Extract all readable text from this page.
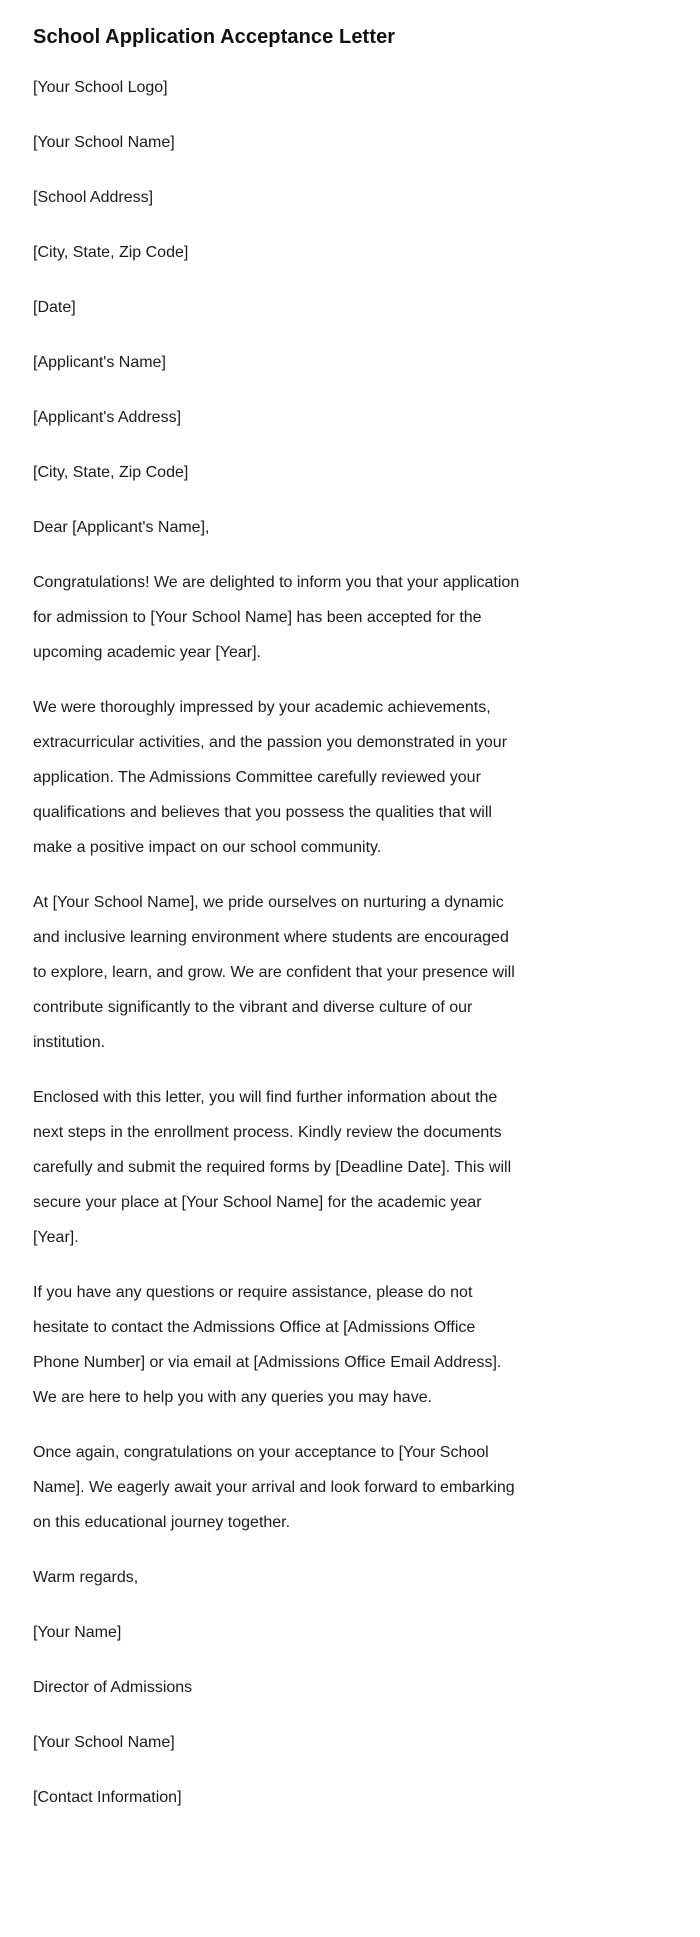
School Application Acceptance Letter

[Your School Logo]

[Your School Name]

[School Address]

[City, State, Zip Code]

[Date]

[Applicant's Name]

[Applicant's Address]

[City, State, Zip Code]

Dear [Applicant's Name],

Congratulations! We are delighted to inform you that your application for admission to [Your School Name] has been accepted for the upcoming academic year [Year].

We were thoroughly impressed by your academic achievements, extracurricular activities, and the passion you demonstrated in your application. The Admissions Committee carefully reviewed your qualifications and believes that you possess the qualities that will make a positive impact on our school community.

At [Your School Name], we pride ourselves on nurturing a dynamic and inclusive learning environment where students are encouraged to explore, learn, and grow. We are confident that your presence will contribute significantly to the vibrant and diverse culture of our institution.

Enclosed with this letter, you will find further information about the next steps in the enrollment process. Kindly review the documents carefully and submit the required forms by [Deadline Date]. This will secure your place at [Your School Name] for the academic year [Year].

If you have any questions or require assistance, please do not hesitate to contact the Admissions Office at [Admissions Office Phone Number] or via email at [Admissions Office Email Address]. We are here to help you with any queries you may have.

Once again, congratulations on your acceptance to [Your School Name]. We eagerly await your arrival and look forward to embarking on this educational journey together.

Warm regards,

[Your Name]

Director of Admissions

[Your School Name]

[Contact Information]
